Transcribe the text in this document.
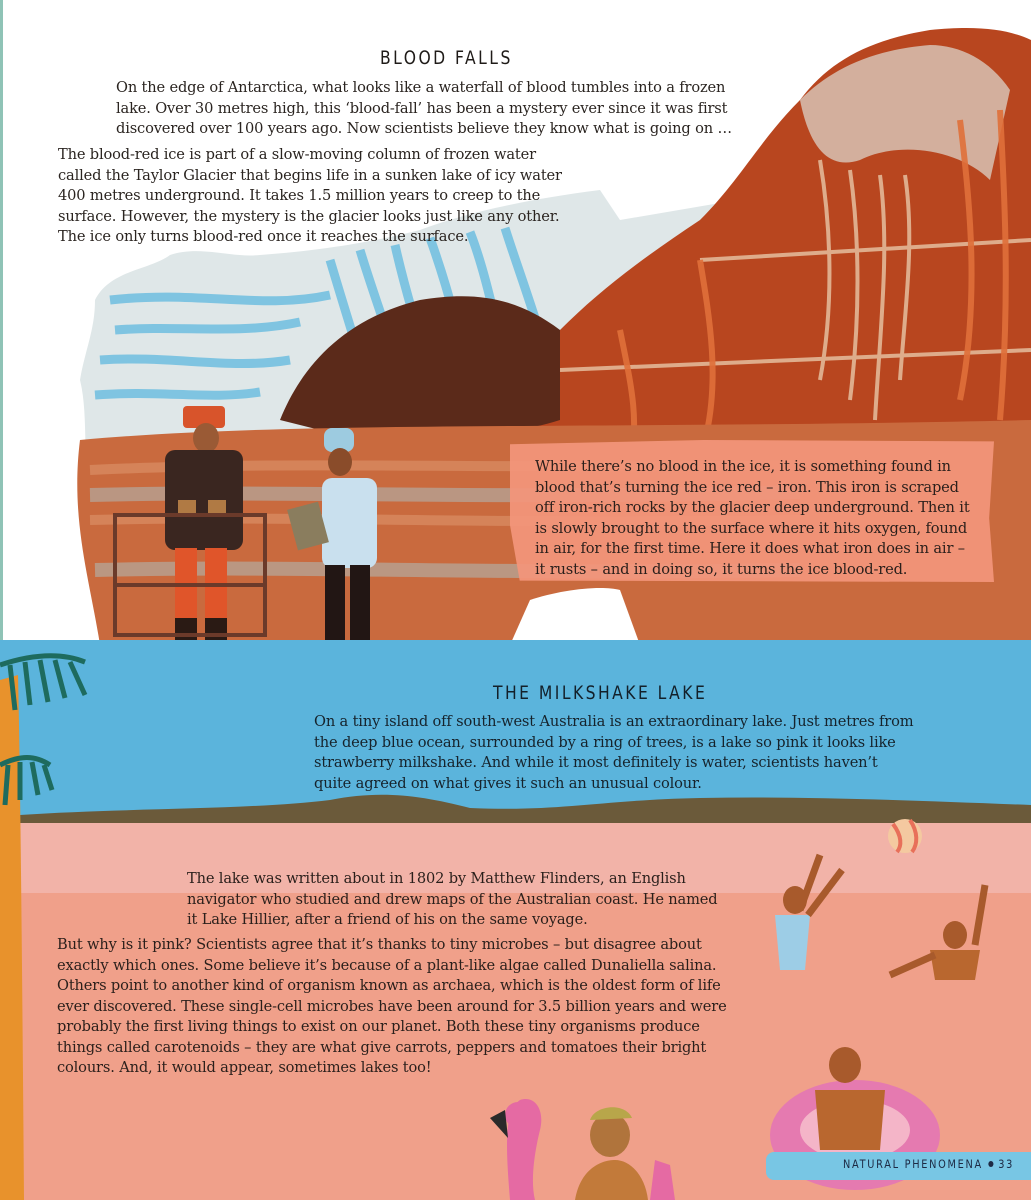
BLOOD FALLS

On the edge of Antarctica, what looks like a waterfall of blood tumbles into a frozen lake. Over 30 metres high, this ‘blood-fall’ has been a mystery ever since it was first discovered over 100 years ago. Now scientists believe they know what is going on …

The blood-red ice is part of a slow-moving column of frozen water called the Taylor Glacier that begins life in a sunken lake of icy water 400 metres underground. It takes 1.5 million years to creep to the surface. However, the mystery is the glacier looks just like any other. The ice only turns blood-red once it reaches the surface.

While there’s no blood in the ice, it is something found in blood that’s turning the ice red – iron. This iron is scraped off iron-rich rocks by the glacier deep underground. Then it is slowly brought to the surface where it hits oxygen, found in air, for the first time. Here it does what iron does in air – it rusts – and in doing so, it turns the ice blood-red.

THE MILKSHAKE LAKE

On a tiny island off south-west Australia is an extraordinary lake. Just metres from the deep blue ocean, surrounded by a ring of trees, is a lake so pink it looks like strawberry milkshake. And while it most definitely is water, scientists haven’t quite agreed on what gives it such an unusual colour.

The lake was written about in 1802 by Matthew Flinders, an English navigator who studied and drew maps of the Australian coast. He named it Lake Hillier, after a friend of his on the same voyage.

But why is it pink? Scientists agree that it’s thanks to tiny microbes – but disagree about exactly which ones. Some believe it’s because of a plant-like algae called Dunaliella salina. Others point to another kind of organism known as archaea, which is the oldest form of life ever discovered. These single-cell microbes have been around for 3.5 billion years and were probably the first living things to exist on our planet. Both these tiny organisms produce things called carotenoids – they are what give carrots, peppers and tomatoes their bright colours. And, it would appear, sometimes lakes too!

NATURAL PHENOMENA 33
